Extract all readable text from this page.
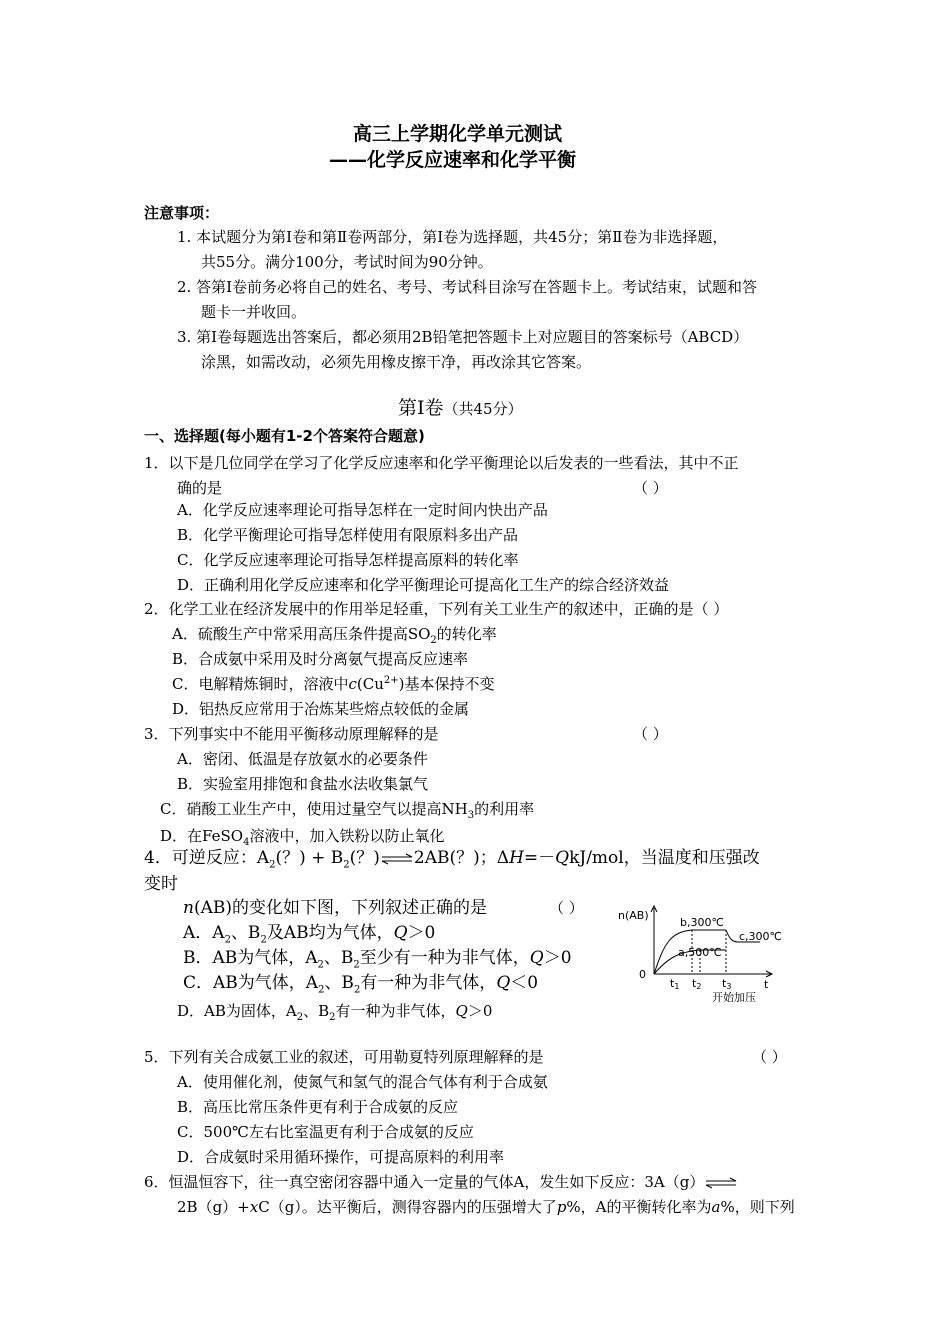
高三上学期化学单元测试
——化学反应速率和化学平衡
注意事项：
1. 本试题分为第Ⅰ卷和第Ⅱ卷两部分，第Ⅰ卷为选择题，共45分；第Ⅱ卷为非选择题，
共55分。满分100分，考试时间为90分钟。
2. 答第Ⅰ卷前务必将自己的姓名、考号、考试科目涂写在答题卡上。考试结束，试题和答
题卡一并收回。
3. 第Ⅰ卷每题选出答案后，都必须用2B铅笔把答题卡上对应题目的答案标号（ABCD）
涂黑，如需改动，必须先用橡皮擦干净，再改涂其它答案。
第Ⅰ卷（共45分）
一、选择题(每小题有1-2个答案符合题意)
1．以下是几位同学在学习了化学反应速率和化学平衡理论以后发表的一些看法，其中不正
确的是	（ ）
A．化学反应速率理论可指导怎样在一定时间内快出产品
B．化学平衡理论可指导怎样使用有限原料多出产品
C．化学反应速率理论可指导怎样提高原料的转化率
D．正确利用化学反应速率和化学平衡理论可提高化工生产的综合经济效益
2．化学工业在经济发展中的作用举足轻重，下列有关工业生产的叙述中，正确的是（ ）
A．硫酸生产中常采用高压条件提高$SO_2$的转化率
B．合成氨中采用及时分离氨气提高反应速率
C．电解精炼铜时，溶液中$c(Cu^{2+})$基本保持不变
D．铝热反应常用于冶炼某些熔点较低的金属
3．下列事实中不能用平衡移动原理解释的是	（ ）
A．密闭、低温是存放氨水的必要条件
B．实验室用排饱和食盐水法收集氯气
C．硝酸工业生产中，使用过量空气以提高$NH_3$的利用率
D．在FeSO$_4$溶液中，加入铁粉以防止氧化
4．可逆反应：$A_2$(？) + $B_2$(？)⇌2AB(？)；ΔH=－QkJ/mol，当温度和压强改
变时
n(AB)的变化如下图，下列叙述正确的是	（ ）
A．$A_2$、$B_2$及AB均为气体，Q＞0
B．AB为气体，$A_2$、$B_2$至少有一种为非气体，Q＞0
C．AB为气体，$A_2$、$B_2$有一种为非气体，Q＜0
D．AB为固体，$A_2$、$B_2$有一种为非气体，Q＞0
n(AB)
0
t
b,300℃
a,500℃
c,300℃
t1 t2 t3
开始加压
5．下列有关合成氨工业的叙述，可用勒夏特列原理解释的是	（ ）
A．使用催化剂，使氮气和氢气的混合气体有利于合成氨
B．高压比常压条件更有利于合成氨的反应
C．500℃左右比室温更有利于合成氨的反应
D．合成氨时采用循环操作，可提高原料的利用率
6．恒温恒容下，往一真空密闭容器中通入一定量的气体A，发生如下反应：3A（g）⇌
2B（g）+xC（g）。达平衡后，测得容器内的压强增大了p%，A的平衡转化率为a%，则下列
